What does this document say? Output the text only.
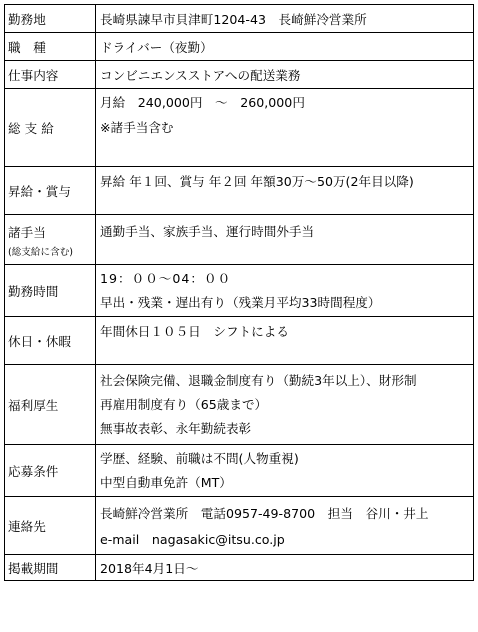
勤務地	長崎県諫早市貝津町1204-43　長崎鮮冷営業所

職　種	ドライバー（夜勤）

仕事内容	コンビニエンスストアへの配送業務

総 支 給	月給　240,000円　～　260,000円
※諸手当含む

昇給・賞与	昇給 年１回、賞与 年２回 年額30万～50万(2年目以降)

諸手当
(総支給に含む)	通勤手当、家族手当、運行時間外手当

勤務時間	19：００～04：００
早出・残業・遅出有り（残業月平均33時間程度）

休日・休暇	年間休日１０５日　シフトによる

福利厚生	社会保険完備、退職金制度有り（勤続3年以上）、財形制
再雇用制度有り（65歳まで）
無事故表彰、永年勤続表彰

応募条件	学歴、経験、前職は不問(人物重視)
中型自動車免許（MT）

連絡先	長崎鮮冷営業所　電話0957-49-8700　担当　谷川・井上
e-mail　nagasakic@itsu.co.jp

掲載期間	2018年4月1日～
